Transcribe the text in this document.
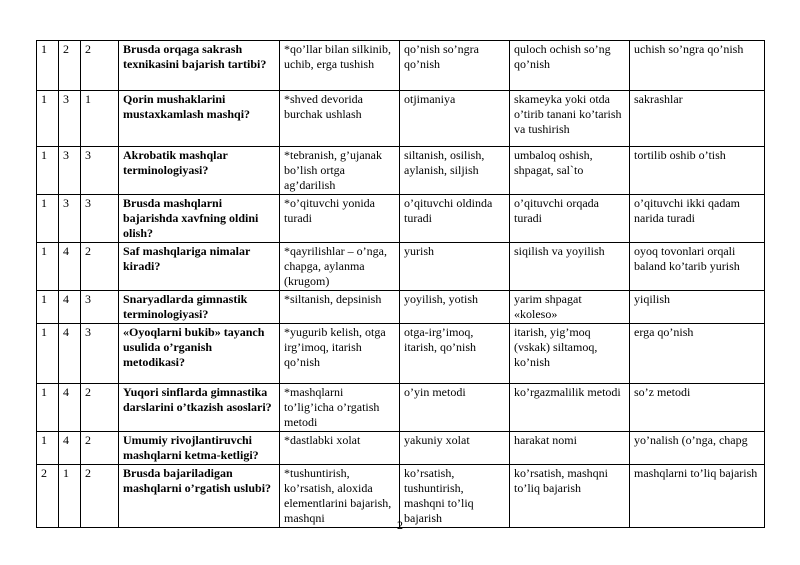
1	2	2	Brusda orqaga sakrash texnikasini bajarish tartibi?	*qo’llar bilan silkinib, uchib, erga tushish	qo’nish so’ngra qo’nish	quloch ochish so’ng qo’nish	uchish so’ngra qo’nish
1	3	1	Qorin mushaklarini mustaxkamlash mashqi?	*shved devorida burchak ushlash	otjimaniya	skameyka yoki otda o’tirib tanani ko’tarish va tushirish	sakrashlar
1	3	3	Akrobatik mashqlar terminologiyasi?	*tebranish, g’ujanak bo’lish ortga ag’darilish	siltanish, osilish, aylanish, siljish	umbaloq oshish, shpagat, sal`to	tortilib oshib o’tish
1	3	3	Brusda mashqlarni bajarishda xavfning oldini olish?	*o’qituvchi yonida turadi	o’qituvchi oldinda turadi	o’qituvchi orqada turadi	o’qituvchi ikki qadam narida turadi
1	4	2	Saf mashqlariga nimalar kiradi?	*qayrilishlar – o’nga, chapga, aylanma (krugom)	yurish	siqilish va yoyilish	oyoq tovonlari orqali baland ko’tarib yurish
1	4	3	Snaryadlarda gimnastik terminologiyasi?	*siltanish, depsinish	yoyilish, yotish	yarim shpagat «koleso»	yiqilish
1	4	3	«Oyoqlarni bukib» tayanch usulida o’rganish metodikasi?	*yugurib kelish, otga irg’imoq, itarish qo’nish	otga-irg’imoq, itarish, qo’nish	itarish, yig’moq (vskak) siltamoq, ko’nish	erga qo’nish
1	4	2	Yuqori sinflarda gimnastika darslarini o’tkazish asoslari?	*mashqlarni to’lig’icha o’rgatish metodi	o’yin metodi	ko’rgazmalilik metodi	so’z metodi
1	4	2	Umumiy rivojlantiruvchi mashqlarni ketma-ketligi?	*dastlabki xolat	yakuniy xolat	harakat nomi	yo’nalish (o’nga, chapg
2	1	2	Brusda bajariladigan mashqlarni o’rgatish uslubi?	*tushuntirish, ko’rsatish, aloxida elementlarini bajarish, mashqni	ko’rsatish, tushuntirish, mashqni to’liq bajarish	ko’rsatish, mashqni to’liq bajarish	mashqlarni to’liq bajarish
2
